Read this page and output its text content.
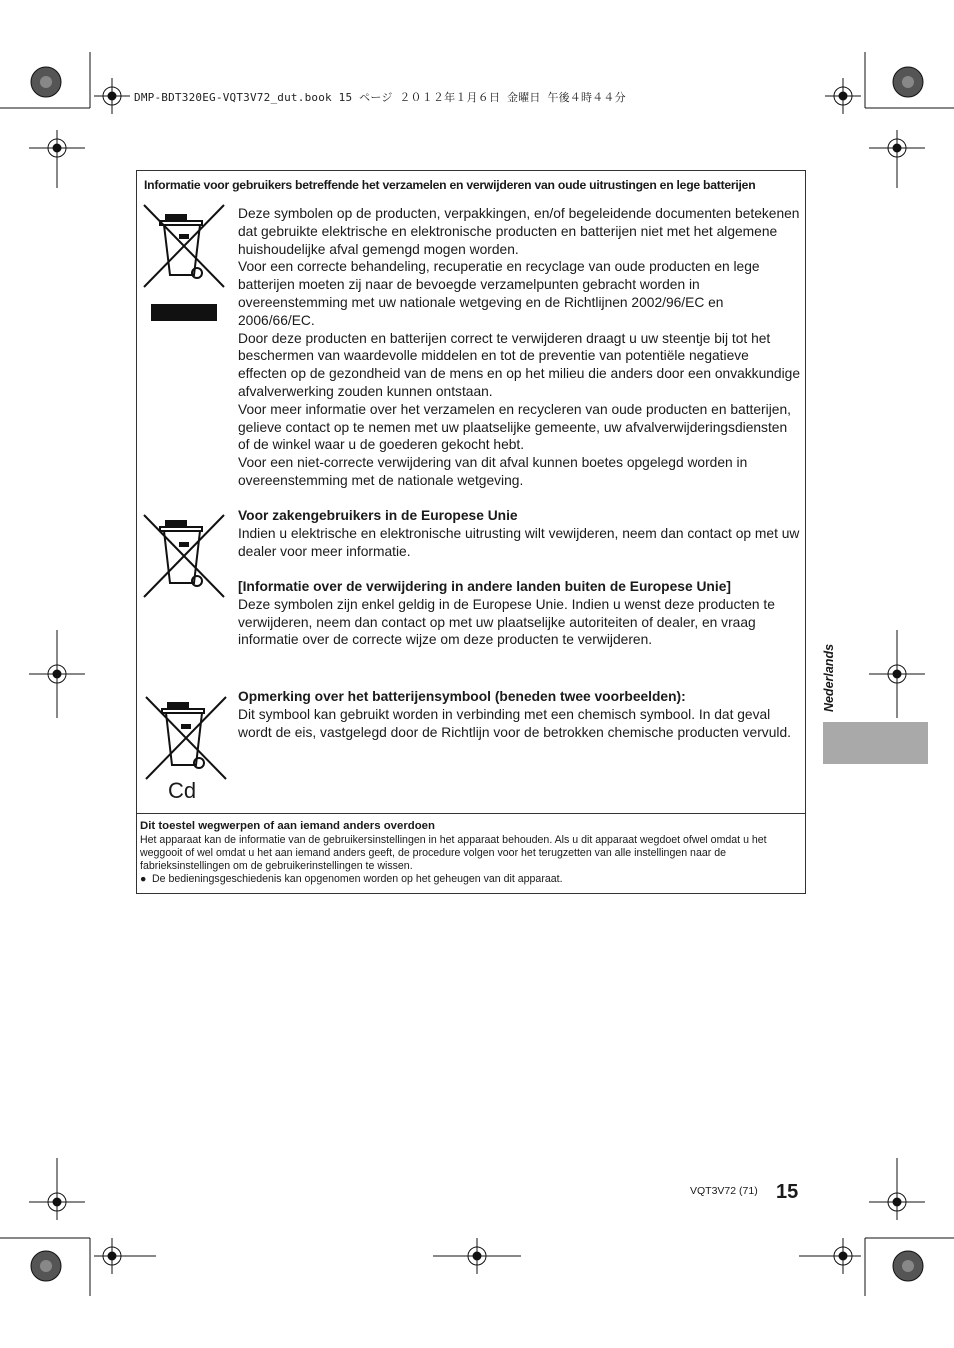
DMP-BDT320EG-VQT3V72_dut.book 15 ページ ２０１２年１月６日 金曜日 午後４時４４分
Informatie voor gebruikers betreffende het verzamelen en verwijderen van oude uitrustingen en lege batterijen
Cd

Deze symbolen op de producten, verpakkingen, en/of begeleidende documenten betekenen dat gebruikte elektrische en elektronische producten en batterijen niet met het algemene huishoudelijke afval gemengd mogen worden.

Voor een correcte behandeling, recuperatie en recyclage van oude producten en lege batterijen moeten zij naar de bevoegde verzamelpunten gebracht worden in overeenstemming met uw nationale wetgeving en de Richtlijnen 2002/96/EC en 2006/66/EC.

Door deze producten en batterijen correct te verwijderen draagt u uw steentje bij tot het beschermen van waardevolle middelen en tot de preventie van potentiële negatieve effecten op de gezondheid van de mens en op het milieu die anders door een onvakkundige afvalverwerking zouden kunnen ontstaan.

Voor meer informatie over het verzamelen en recycleren van oude producten en batterijen, gelieve contact op te nemen met uw plaatselijke gemeente, uw afvalverwijderingsdiensten of de winkel waar u de goederen gekocht hebt.

Voor een niet-correcte verwijdering van dit afval kunnen boetes opgelegd worden in overeenstemming met de nationale wetgeving.

Voor zakengebruikers in de Europese Unie

Indien u elektrische en elektronische uitrusting wilt vewijderen, neem dan contact op met uw dealer voor meer informatie.

[Informatie over de verwijdering in andere landen buiten de Europese Unie]

Deze symbolen zijn enkel geldig in de Europese Unie. Indien u wenst deze producten te verwijderen, neem dan contact op met uw plaatselijke autoriteiten of dealer, en vraag informatie over de correcte wijze om deze producten te verwijderen.

Opmerking over het batterijensymbool (beneden twee voorbeelden):

Dit symbool kan gebruikt worden in verbinding met een chemisch symbool. In dat geval wordt de eis, vastgelegd door de Richtlijn voor de betrokken chemische producten vervuld.

Dit toestel wegwerpen of aan iemand anders overdoen
Het apparaat kan de informatie van de gebruikersinstellingen in het apparaat behouden. Als u dit apparaat wegdoet ofwel omdat u het weggooit of wel omdat u het aan iemand anders geeft, de procedure volgen voor het terugzetten van alle instellingen naar de fabrieksinstellingen om de gebruikerinstellingen te wissen.
● De bedieningsgeschiedenis kan opgenomen worden op het geheugen van dit apparaat.
Nederlands
VQT3V72 (71) 15
